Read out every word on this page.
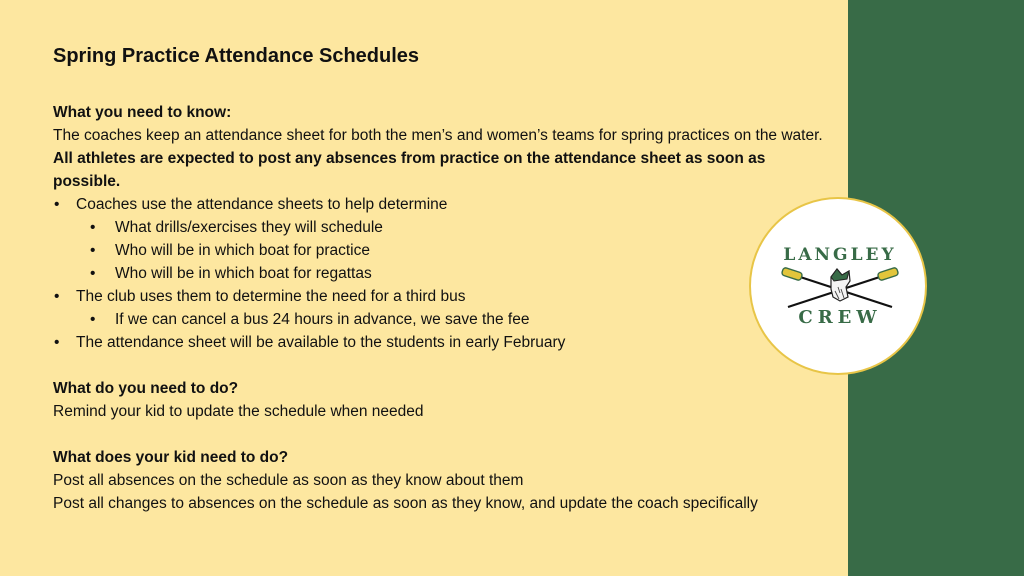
Spring Practice Attendance Schedules
What you need to know:
The coaches keep an attendance sheet for both the men’s and women’s teams for spring practices on the water. All athletes are expected to post any absences from practice on the attendance sheet as soon as possible.
• Coaches use the attendance sheets to help determine
• What drills/exercises they will schedule
• Who will be in which boat for practice
• Who will be in which boat for regattas
• The club uses them to determine the need for a third bus
• If we can cancel a bus 24 hours in advance, we save the fee
• The attendance sheet will be available to the students in early February
What do you need to do?
Remind your kid to update the schedule when needed
What does your kid need to do?
Post all absences on the schedule as soon as they know about them
Post all changes to absences on the schedule as soon as they know, and update the coach specifically
LANGLEY
CREW
